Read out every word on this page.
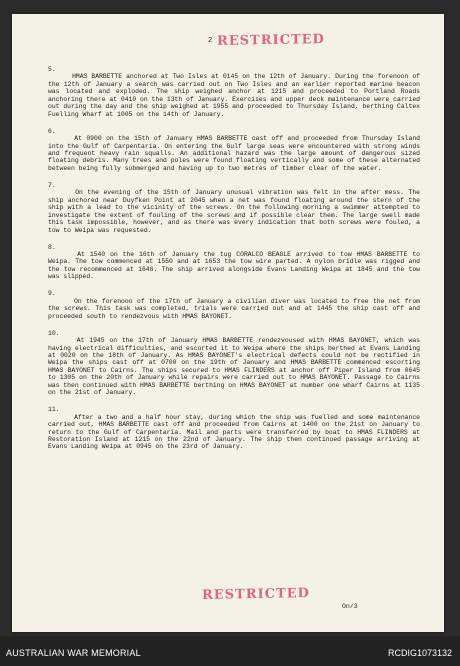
2 RESTRICTED
5.
HMAS BARBETTE anchored at Two Isles at 0145 on the 12th of January. During the forenoon of the 12th of January a search was carried out on Two Isles and an earlier reported marine beacon was located and exploded. The ship weighed anchor at 1215 and proceeded to Portland Roads anchoring there at 0410 on the 13th of January. Exercises and upper deck maintenance were carried out during the day and the ship weighed at 1955 and proceeded to Thursday Island, berthing Caltex Fuelling Wharf at 1005 on the 14th of January.
6.
At 0900 on the 15th of January HMAS BARBETTE cast off and proceeded from Thursday Island into the Gulf of Carpentaria. On entering the Gulf large seas were encountered with strong winds and frequent heavy rain squalls. An additional hazard was the large amount of dangerous sized floating debris. Many trees and poles were found floating vertically and some of these alternated between being fully submerged and having up to two metres of timber clear of the water.
7.
On the evening of the 15th of January unusual vibration was felt in the after mess. The ship anchored near Duyfken Point at 2045 when a net was found floating around the stern of the ship with a lead to the vicinity of the screws. On the following morning a swimmer attempted to investigate the extent of fouling of the screws and if possible clear them. The large swell made this task impossible, however, and as there was every indication that both screws were fouled, a tow to Weipa was requested.
8.
At 1540 on the 16th of January the tug CORALCO BEAGLE arrived to tow HMAS BARBETTE to Weipa. The tow commenced at 1550 and at 1653 the tow wire parted. A nylon bridle was rigged and the tow recommenced at 1646. The ship arrived alongside Evans Landing Weipa at 1845 and the tow was slipped.
9.
On the forenoon of the 17th of January a civilian diver was located to free the net from the screws. This task was completed, trials were carried out and at 1445 the ship cast off and proceeded south to rendezvous with HMAS BAYONET.
10.
At 1945 on the 17th of January HMAS BARBETTE rendezvoused with HMAS BAYONET, which was having electrical difficulties, and escorted it to Weipa where the ships berthed at Evans Landing at 0020 on the 18th of January. As HMAS BAYONET's electrical defects could not be rectified in Weipa the ships cast off at 0700 on the 19th of January and HMAS BARBETTE commenced escorting HMAS BAYONET to Cairns. The ships secured to HMAS FLINDERS at anchor off Piper Island from 0645 to 1305 on the 20th of January while repairs were carried out to HMAS BAYONET. Passage to Cairns was then continued with HMAS BARBETTE berthing on HMAS BAYONET at number one wharf Cairns at 1135 on the 21st of January.
11.
After a two and a half hour stay, during which the ship was fuelled and some maintenance carried out, HMAS BARBETTE cast off and proceeded from Cairns at 1400 on the 21st on January to return to the Gulf of Carpentaria. Mail and parts were transferred by boat to HMAS FLINDERS at Restoration Island at 1215 on the 22nd of January. The ship then continued passage arriving at Evans Landing Weipa at 0945 on the 23rd of January.
RESTRICTED
On/3
AUSTRALIAN WAR MEMORIAL	RCDIG1073132
